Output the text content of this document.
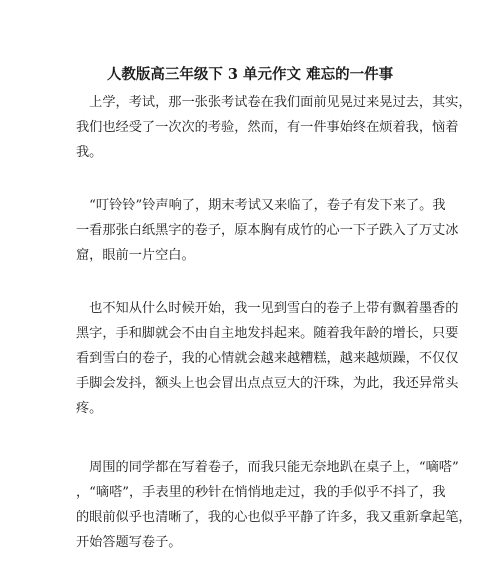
人教版高三年级下 3 单元作文 难忘的一件事
　上学，考试，那一张张考试卷在我们面前见晃过来晃过去，其实，
我们也经受了一次次的考验，然而，有一件事始终在烦着我，恼着
我。
　“叮铃铃”铃声响了，期末考试又来临了，卷子有发下来了。我
一看那张白纸黑字的卷子，原本胸有成竹的心一下子跌入了万丈冰
窟，眼前一片空白。
　也不知从什么时候开始，我一见到雪白的卷子上带有飘着墨香的
黑字，手和脚就会不由自主地发抖起来。随着我年龄的增长，只要
看到雪白的卷子，我的心情就会越来越糟糕，越来越烦躁，不仅仅
手脚会发抖，额头上也会冒出点点豆大的汗珠，为此，我还异常头
疼。
　周围的同学都在写着卷子，而我只能无奈地趴在桌子上，“嘀嗒”
，“嘀嗒”，手表里的秒针在悄悄地走过，我的手似乎不抖了，我
的眼前似乎也清晰了，我的心也似乎平静了许多，我又重新拿起笔，
开始答题写卷子。
